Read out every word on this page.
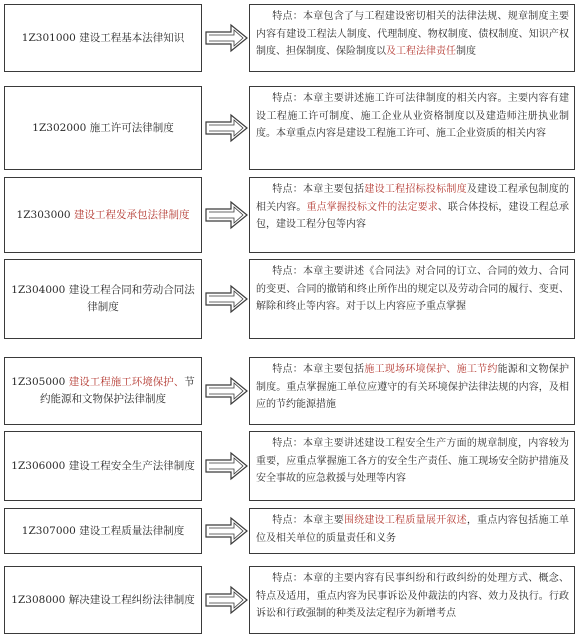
1Z301000 建设工程基本法律知识
特点：本章包含了与工程建设密切相关的法律法规、规章制度主要内容有建设工程法人制度、代理制度、物权制度、债权制度、知识产权制度、担保制度、保险制度以及工程法律责任制度
1Z302000 施工许可法律制度
特点：本章主要讲述施工许可法律制度的相关内容。主要内容有建设工程施工许可制度、施工企业从业资格制度以及建造师注册执业制度。本章重点内容是建设工程施工许可、施工企业资质的相关内容
1Z303000 建设工程发承包法律制度
特点：本章主要包括建设工程招标投标制度及建设工程承包制度的相关内容。重点掌握投标文件的法定要求、联合体投标，建设工程总承包，建设工程分包等内容
1Z304000 建设工程合同和劳动合同法律制度
特点：本章主要讲述《合同法》对合同的订立、合同的效力、合同的变更、合同的撤销和终止所作出的规定以及劳动合同的履行、变更、解除和终止等内容。对于以上内容应予重点掌握
1Z305000 建设工程施工环境保护、节约能源和文物保护法律制度
特点：本章主要包括施工现场环境保护、施工节约能源和文物保护制度。重点掌握施工单位应遵守的有关环境保护法律法规的内容，及相应的节约能源措施
1Z306000 建设工程安全生产法律制度
特点：本章主要讲述建设工程安全生产方面的规章制度，内容较为重要，应重点掌握施工各方的安全生产责任、施工现场安全防护措施及安全事故的应急救援与处理等内容
1Z307000 建设工程质量法律制度
特点：本章主要围绕建设工程质量展开叙述，重点内容包括施工单位及相关单位的质量责任和义务
1Z308000 解决建设工程纠纷法律制度
特点：本章的主要内容有民事纠纷和行政纠纷的处理方式、概念、特点及适用，重点内容为民事诉讼及仲裁法的内容、效力及执行。行政诉讼和行政强制的种类及法定程序为新增考点
